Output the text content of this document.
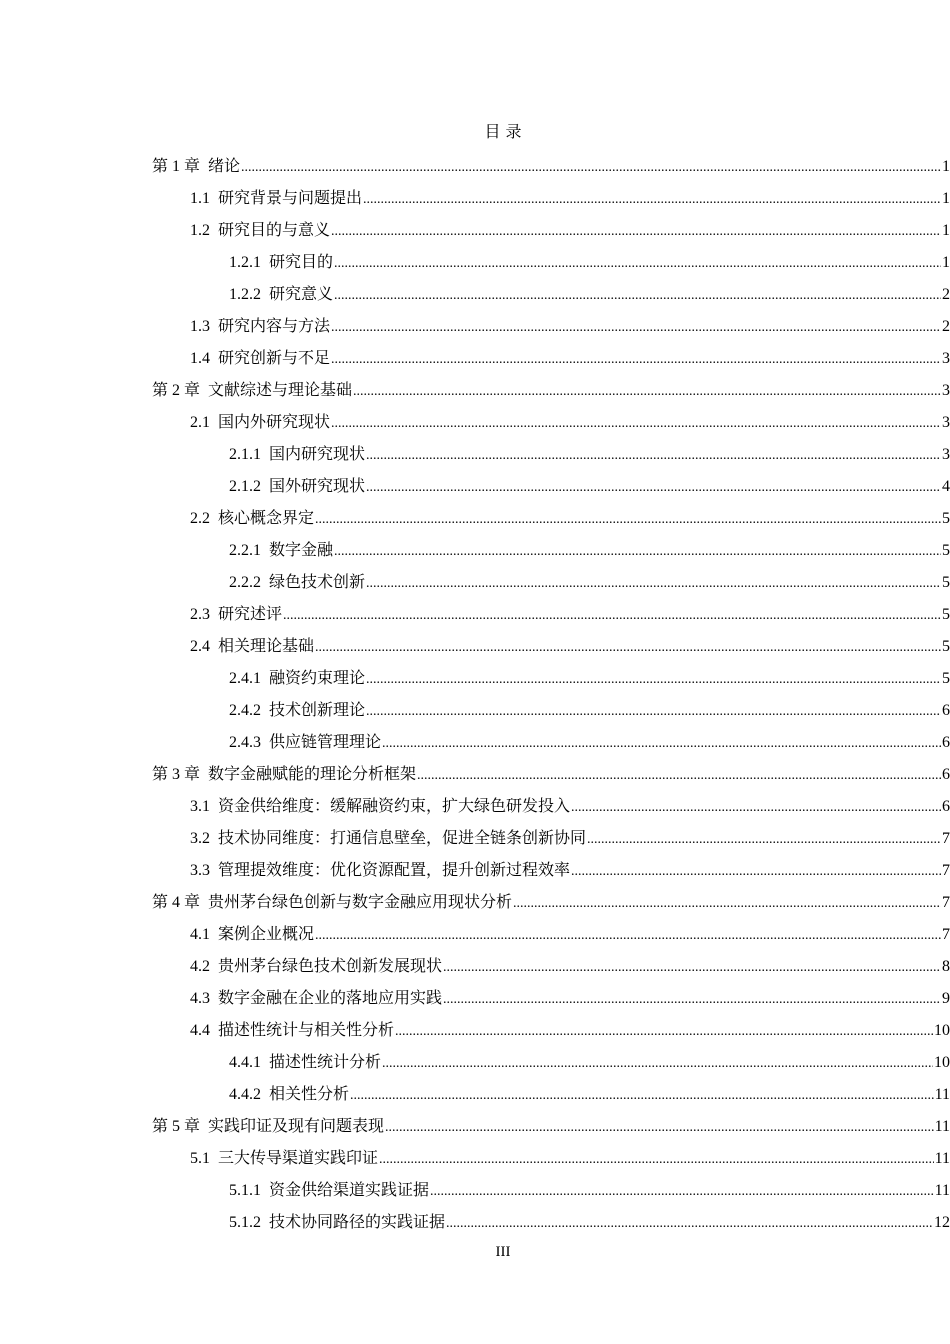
目 录
第 1 章 绪论 .....	1
1.1 研究背景与问题提出 .....	1
1.2 研究目的与意义 .....	1
1.2.1 研究目的 .....	1
1.2.2 研究意义 .....	2
1.3 研究内容与方法 .....	2
1.4 研究创新与不足 .....	3
第 2 章 文献综述与理论基础 .....	3
2.1 国内外研究现状 .....	3
2.1.1 国内研究现状 .....	3
2.1.2 国外研究现状 .....	4
2.2 核心概念界定 .....	5
2.2.1 数字金融 .....	5
2.2.2 绿色技术创新 .....	5
2.3 研究述评 .....	5
2.4 相关理论基础 .....	5
2.4.1 融资约束理论 .....	5
2.4.2 技术创新理论 .....	6
2.4.3 供应链管理理论 .....	6
第 3 章 数字金融赋能的理论分析框架 .....	6
3.1 资金供给维度：缓解融资约束，扩大绿色研发投入 .....	6
3.2 技术协同维度：打通信息壁垒，促进全链条创新协同 .....	7
3.3 管理提效维度：优化资源配置，提升创新过程效率 .....	7
第 4 章 贵州茅台绿色创新与数字金融应用现状分析 .....	7
4.1 案例企业概况 .....	7
4.2 贵州茅台绿色技术创新发展现状 .....	8
4.3 数字金融在企业的落地应用实践 .....	9
4.4 描述性统计与相关性分析 .....	10
4.4.1 描述性统计分析 .....	10
4.4.2 相关性分析 .....	11
第 5 章 实践印证及现有问题表现 .....	11
5.1 三大传导渠道实践印证 .....	11
5.1.1 资金供给渠道实践证据 .....	11
5.1.2 技术协同路径的实践证据 .....	12
III
